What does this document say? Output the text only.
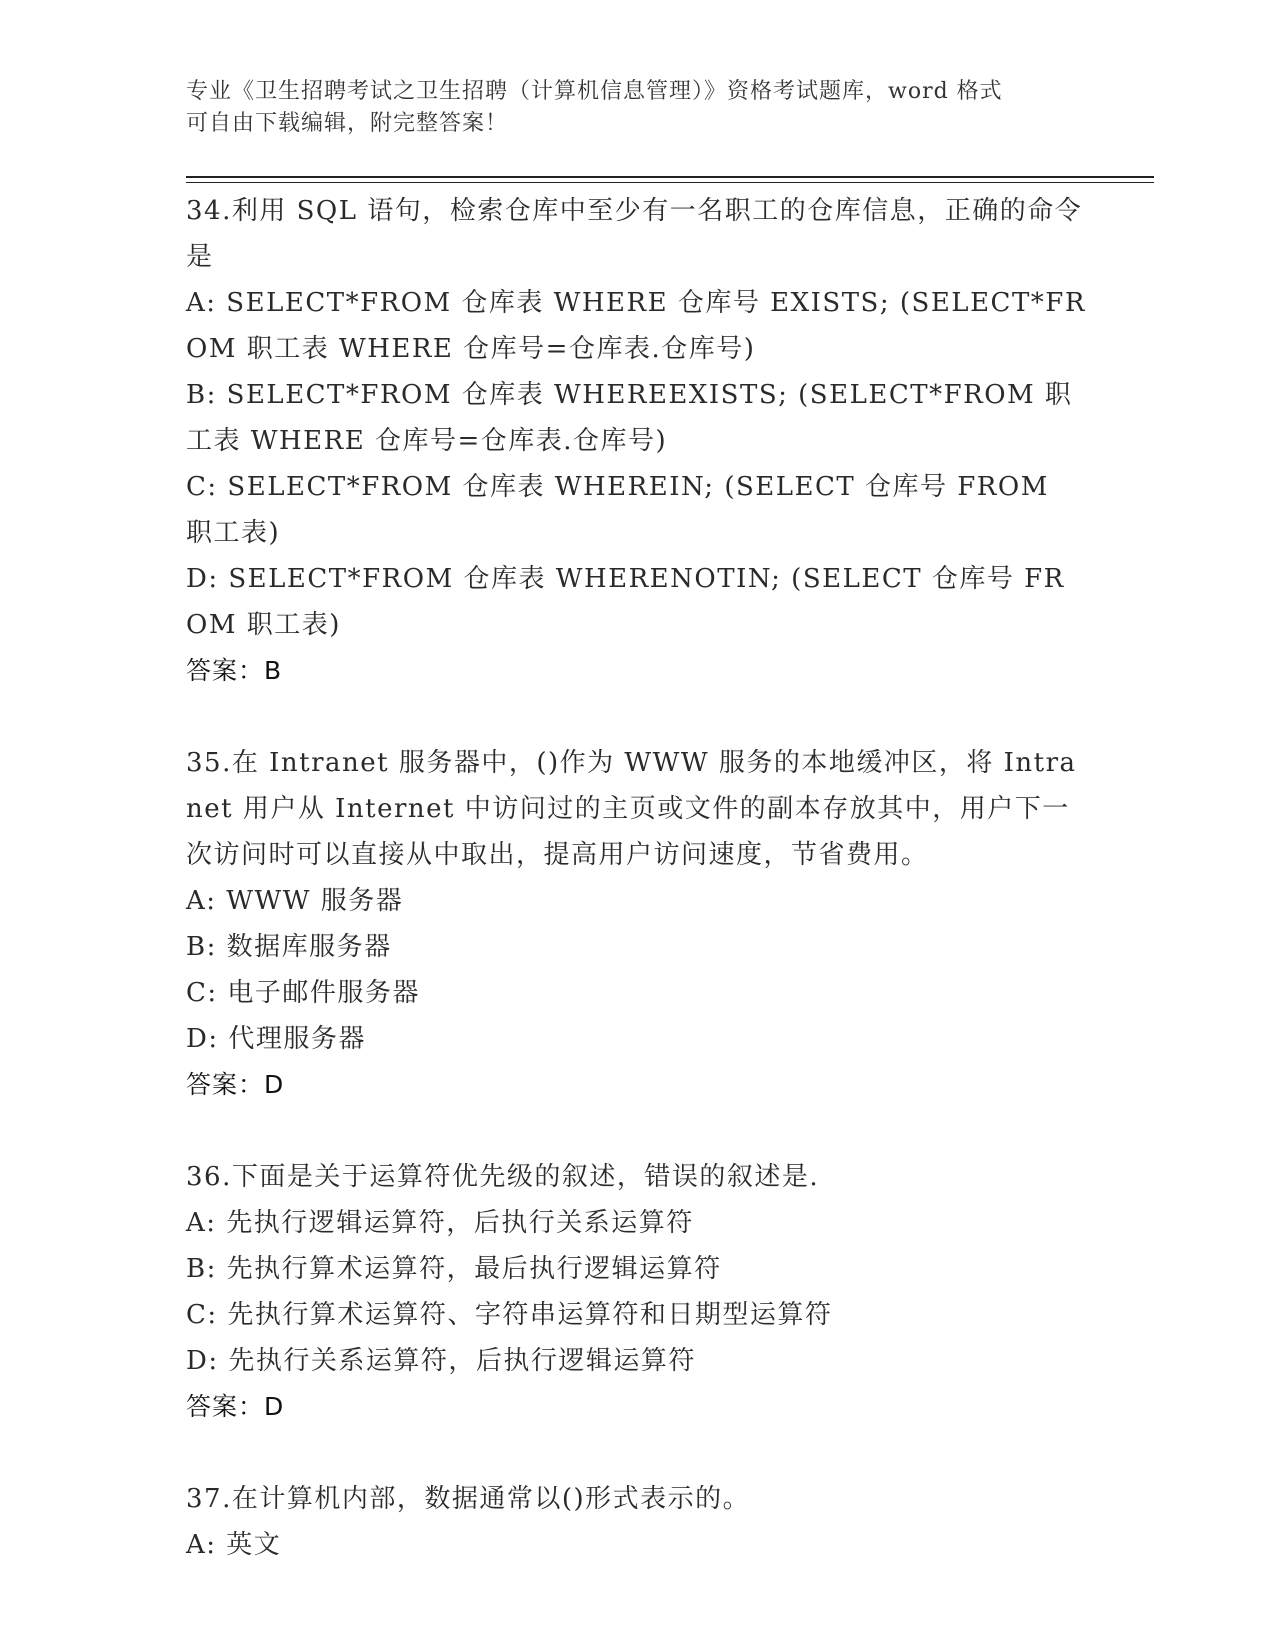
专业《卫生招聘考试之卫生招聘（计算机信息管理）》资格考试题库，word 格式
可自由下载编辑，附完整答案！

34.利用 SQL 语句，检索仓库中至少有一名职工的仓库信息，正确的命令是

A: SELECT*FROM 仓库表 WHERE 仓库号 EXISTS; (SELECT*FROM 职工表 WHERE 仓库号=仓库表.仓库号)

B: SELECT*FROM 仓库表 WHEREEXISTS; (SELECT*FROM 职工表 WHERE 仓库号=仓库表.仓库号)

C: SELECT*FROM 仓库表 WHEREIN; (SELECT 仓库号 FROM 职工表)

D: SELECT*FROM 仓库表 WHERENOTIN; (SELECT 仓库号 FROM 职工表)

答案：B

35.在 Intranet 服务器中，()作为 WWW 服务的本地缓冲区，将 Intranet 用户从 Internet 中访问过的主页或文件的副本存放其中，用户下一次访问时可以直接从中取出，提高用户访问速度，节省费用。

A: WWW 服务器

B: 数据库服务器

C: 电子邮件服务器

D: 代理服务器

答案：D

36.下面是关于运算符优先级的叙述，错误的叙述是.

A: 先执行逻辑运算符，后执行关系运算符

B: 先执行算术运算符，最后执行逻辑运算符

C: 先执行算术运算符、字符串运算符和日期型运算符

D: 先执行关系运算符，后执行逻辑运算符

答案：D

37.在计算机内部，数据通常以()形式表示的。

A: 英文
